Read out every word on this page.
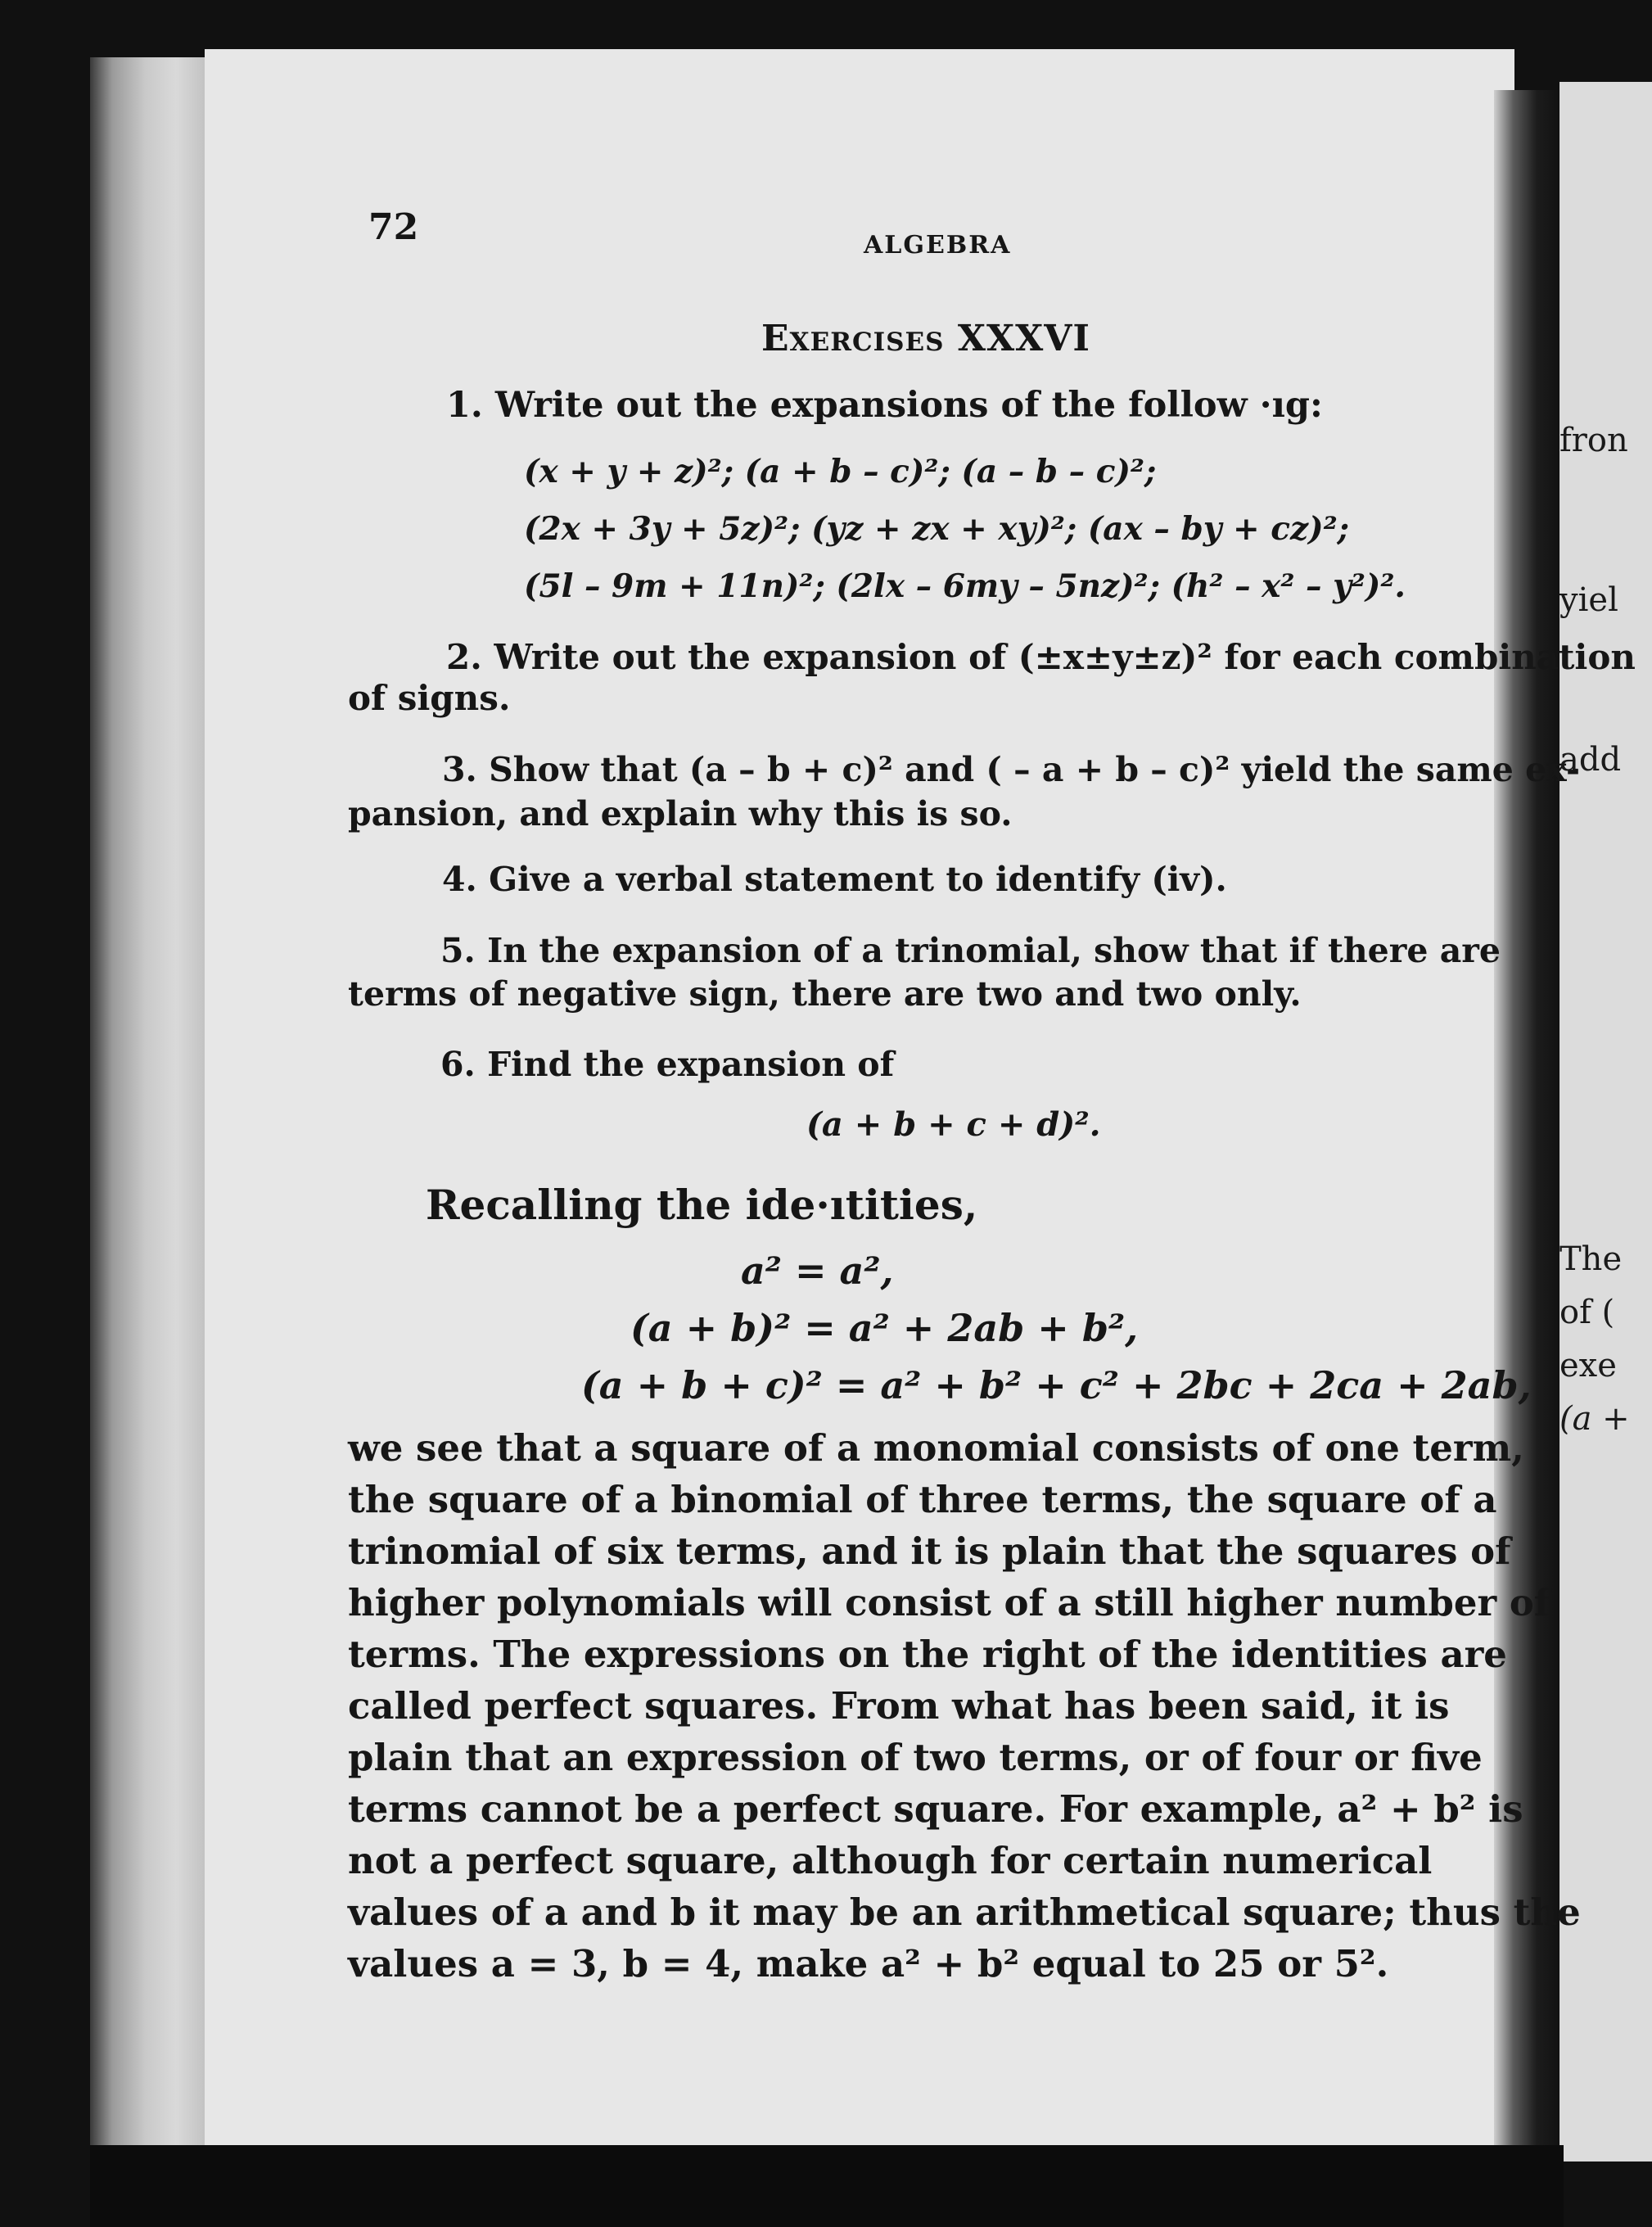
72	ALGEBRA
Exercises XXXVI
1. Write out the expansions of the follow ·ıg:
(x + y + z)²; (a + b – c)²; (a – b – c)²;
(2x + 3y + 5z)²; (yz + zx + xy)²; (ax – by + cz)²;
(5l – 9m + 11n)²; (2lx – 6my – 5nz)²; (h² – x² – y²)².
2. Write out the expansion of (±x±y±z)² for each combination
of signs.
3. Show that (a – b + c)² and ( – a + b – c)² yield the same ex-
pansion, and explain why this is so.
4. Give a verbal statement to identify (iv).
5. In the expansion of a trinomial, show that if there are
terms of negative sign, there are two and two only.
6. Find the expansion of
(a + b + c + d)².
Recalling the ide·ıtities,
a² = a²,
(a + b)² = a² + 2ab + b²,
(a + b + c)² = a² + b² + c² + 2bc + 2ca + 2ab,
we see that a square of a monomial consists of one term,
the square of a binomial of three terms, the square of a
trinomial of six terms, and it is plain that the squares of
higher polynomials will consist of a still higher number of
terms. The expressions on the right of the identities are
called perfect squares. From what has been said, it is
plain that an expression of two terms, or of four or five
terms cannot be a perfect square. For example, a² + b² is
not a perfect square, although for certain numerical
values of a and b it may be an arithmetical square; thus the
values a = 3, b = 4, make a² + b² equal to 25 or 5².
fron
yiel
add
The
of (
exe
(a +
